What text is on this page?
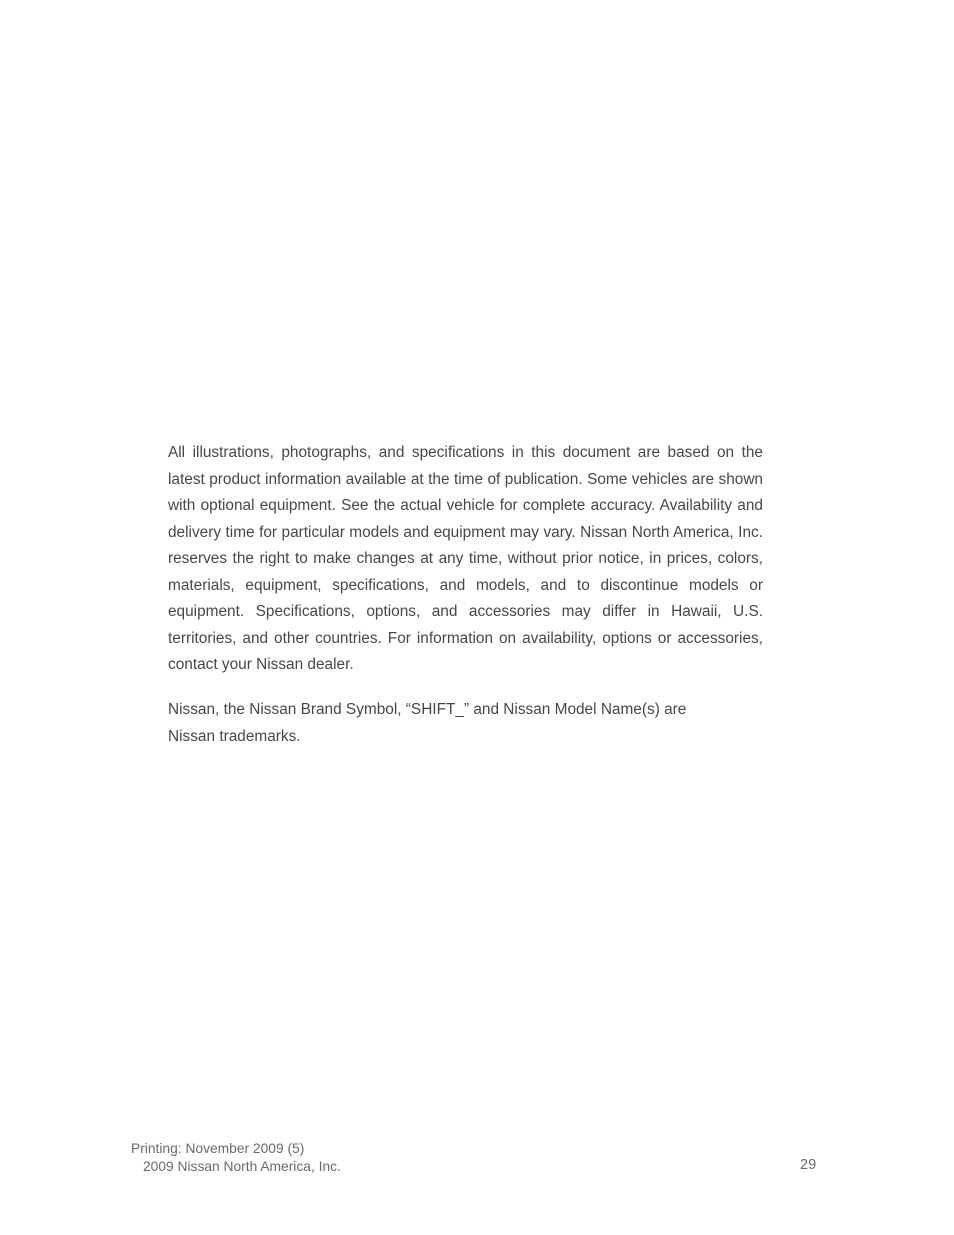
All illustrations, photographs, and specifications in this document are based on the latest product information available at the time of publication. Some vehicles are shown with optional equipment. See the actual vehicle for complete accuracy. Availability and delivery time for particular models and equipment may vary. Nissan North America, Inc. reserves the right to make changes at any time, without prior notice, in prices, colors, materials, equipment, specifications, and models, and to discontinue models or equipment. Specifications, options, and accessories may differ in Hawaii, U.S. territories, and other countries. For information on availability, options or accessories, contact your Nissan dealer.

Nissan, the Nissan Brand Symbol, “SHIFT_” and Nissan Model Name(s) are
Nissan trademarks.

Printing: November 2009 (5)
2009 Nissan North America, Inc.	29
